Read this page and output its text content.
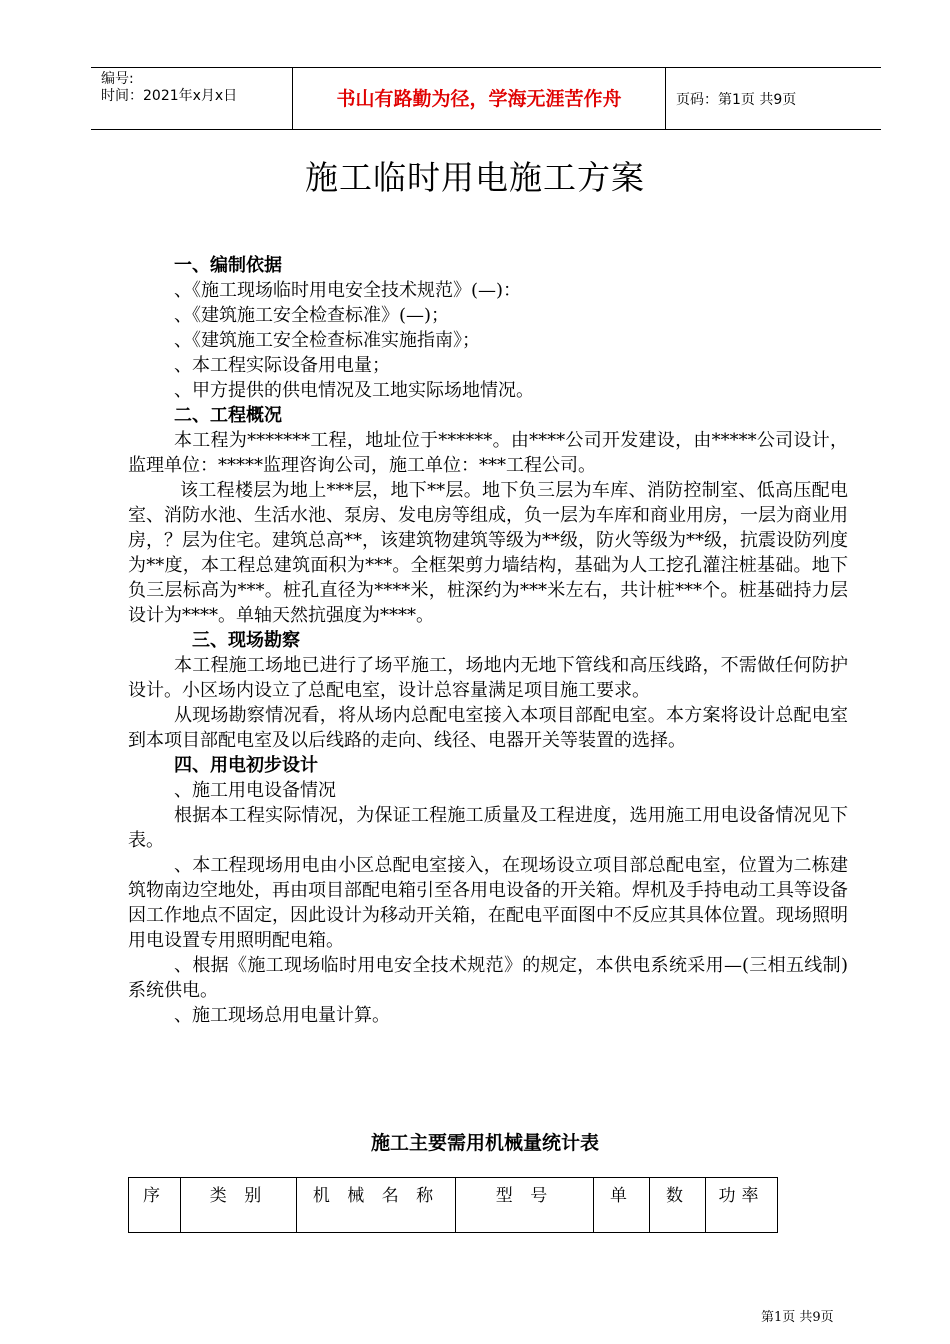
编号:
时间：2021年x月x日	书山有路勤为径，学海无涯苦作舟	页码：第1页 共9页
施工临时用电施工方案

一、编制依据

、《施工现场临时用电安全技术规范》(—)：

、《建筑施工安全检查标准》(—)；

、《建筑施工安全检查标准实施指南》；

、本工程实际设备用电量；

、甲方提供的供电情况及工地实际场地情况。

二、工程概况

本工程为*******工程，地址位于******。由****公司开发建设，由*****公司设计，监理单位：*****监理咨询公司，施工单位：***工程公司。

该工程楼层为地上***层，地下**层。地下负三层为车库、消防控制室、低高压配电室、消防水池、生活水池、泵房、发电房等组成，负一层为车库和商业用房，一层为商业用房，？层为住宅。建筑总高**，该建筑物建筑等级为**级，防火等级为**级，抗震设防列度为**度，本工程总建筑面积为***。全框架剪力墙结构，基础为人工挖孔灌注桩基础。地下负三层标高为***。桩孔直径为****米，桩深约为***米左右，共计桩***个。桩基础持力层设计为****。单轴天然抗强度为****。

三、现场勘察

本工程施工场地已进行了场平施工，场地内无地下管线和高压线路，不需做任何防护设计。小区场内设立了总配电室，设计总容量满足项目施工要求。

从现场勘察情况看，将从场内总配电室接入本项目部配电室。本方案将设计总配电室到本项目部配电室及以后线路的走向、线径、电器开关等装置的选择。

四、用电初步设计

、施工用电设备情况

根据本工程实际情况，为保证工程施工质量及工程进度，选用施工用电设备情况见下表。

、本工程现场用电由小区总配电室接入，在现场设立项目部总配电室，位置为二栋建筑物南边空地处，再由项目部配电箱引至各用电设备的开关箱。焊机及手持电动工具等设备因工作地点不固定，因此设计为移动开关箱，在配电平面图中不反应其具体位置。现场照明用电设置专用照明配电箱。

、根据《施工现场临时用电安全技术规范》的规定，本供电系统采用—(三相五线制)系统供电。

、施工现场总用电量计算。

施工主要需用机械量统计表
序	类 别	机 械 名 称	型 号	单	数	功率
第1页 共9页
